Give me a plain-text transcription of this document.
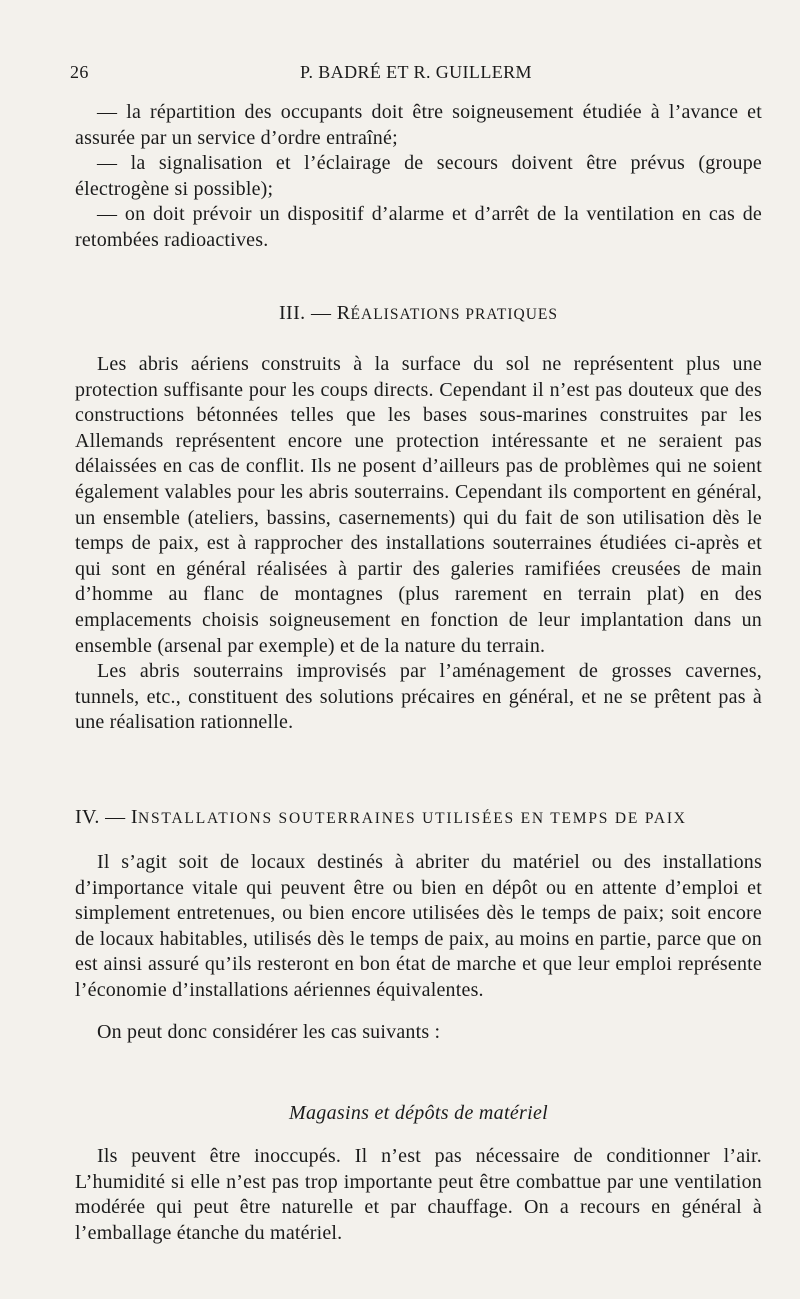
26	P. BADRÉ ET R. GUILLERM

— la répartition des occupants doit être soigneusement étudiée à l’avance et assurée par un service d’ordre entraîné;

— la signalisation et l’éclairage de secours doivent être prévus (groupe électrogène si possible);

— on doit prévoir un dispositif d’alarme et d’arrêt de la ventilation en cas de retombées radioactives.

III. — RÉALISATIONS PRATIQUES

Les abris aériens construits à la surface du sol ne représentent plus une protection suffisante pour les coups directs. Cependant il n’est pas douteux que des constructions bétonnées telles que les bases sous-marines construites par les Allemands représentent encore une protection intéressante et ne seraient pas délaissées en cas de conflit. Ils ne posent d’ailleurs pas de problèmes qui ne soient également valables pour les abris souterrains. Cependant ils comportent en général, un ensemble (ateliers, bassins, casernements) qui du fait de son utilisation dès le temps de paix, est à rapprocher des installations souterraines étudiées ci-après et qui sont en général réalisées à partir des galeries ramifiées creusées de main d’homme au flanc de montagnes (plus rarement en terrain plat) en des emplacements choisis soigneusement en fonction de leur implantation dans un ensemble (arsenal par exemple) et de la nature du terrain.

Les abris souterrains improvisés par l’aménagement de grosses cavernes, tunnels, etc., constituent des solutions précaires en général, et ne se prêtent pas à une réalisation rationnelle.

IV. — INSTALLATIONS SOUTERRAINES UTILISÉES EN TEMPS DE PAIX

Il s’agit soit de locaux destinés à abriter du matériel ou des installations d’importance vitale qui peuvent être ou bien en dépôt ou en attente d’emploi et simplement entretenues, ou bien encore utilisées dès le temps de paix; soit encore de locaux habitables, utilisés dès le temps de paix, au moins en partie, parce que on est ainsi assuré qu’ils resteront en bon état de marche et que leur emploi représente l’économie d’installations aériennes équivalentes.

On peut donc considérer les cas suivants :

Magasins et dépôts de matériel

Ils peuvent être inoccupés. Il n’est pas nécessaire de conditionner l’air. L’humidité si elle n’est pas trop importante peut être combattue par une ventilation modérée qui peut être naturelle et par chauffage. On a recours en général à l’emballage étanche du matériel.
